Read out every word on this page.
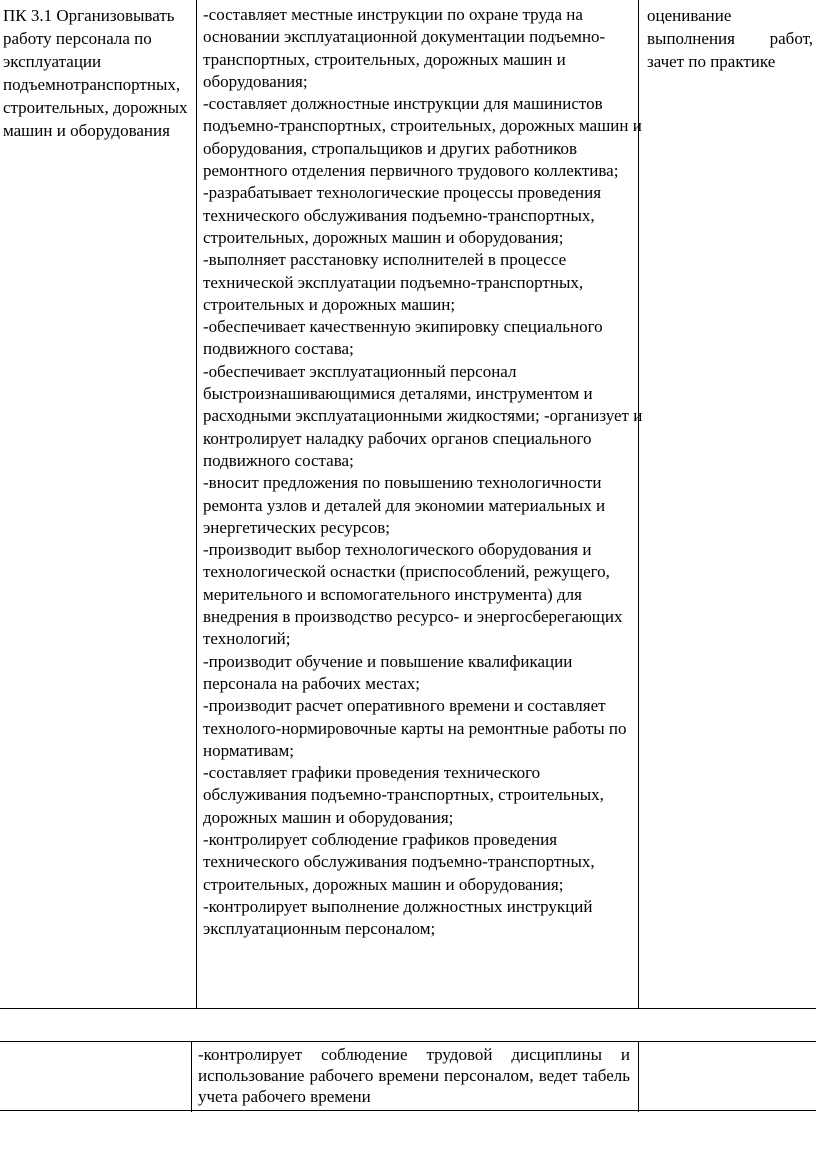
ПК 3.1 Организовывать работу персонала по эксплуатации подъемнотранспортных, строительных, дорожных машин и оборудования

-составляет местные инструкции по охране труда на основании эксплуатационной документации подъемно-транспортных, строительных, дорожных машин и оборудования;

-составляет должностные инструкции для машинистов подъемно-транспортных, строительных, дорожных машин и оборудования, стропальщиков и других работников ремонтного отделения первичного трудового коллектива;

-разрабатывает технологические процессы проведения технического обслуживания подъемно-транспортных, строительных, дорожных машин и оборудования; -выполняет расстановку исполнителей в процессе технической эксплуатации подъемно-транспортных, строительных и дорожных машин;

-обеспечивает качественную экипировку специального подвижного состава;

-обеспечивает эксплуатационный персонал быстроизнашивающимися деталями, инструментом и расходными эксплуатационными жидкостями; -организует и контролирует наладку рабочих органов специального подвижного состава;

-вносит предложения по повышению технологичности ремонта узлов и деталей для экономии материальных и энергетических ресурсов;

-производит выбор технологического оборудования и технологической оснастки (приспособлений, режущего, мерительного и вспомогательного инструмента) для внедрения в производство ресурсо- и энергосберегающих технологий;

-производит обучение и повышение квалификации персонала на рабочих местах;

-производит расчет оперативного времени и составляет технолого-нормировочные карты на ремонтные работы по нормативам;

-составляет графики проведения технического обслуживания подъемно-транспортных, строительных, дорожных машин и оборудования;

-контролирует соблюдение графиков проведения технического обслуживания подъемно-транспортных, строительных, дорожных машин и оборудования; -контролирует выполнение должностных инструкций эксплуатационным персоналом;

оценивание выполнения работ, зачет по практике
-контролирует соблюдение трудовой дисциплины и использование рабочего времени персоналом, ведет табель учета рабочего времени
